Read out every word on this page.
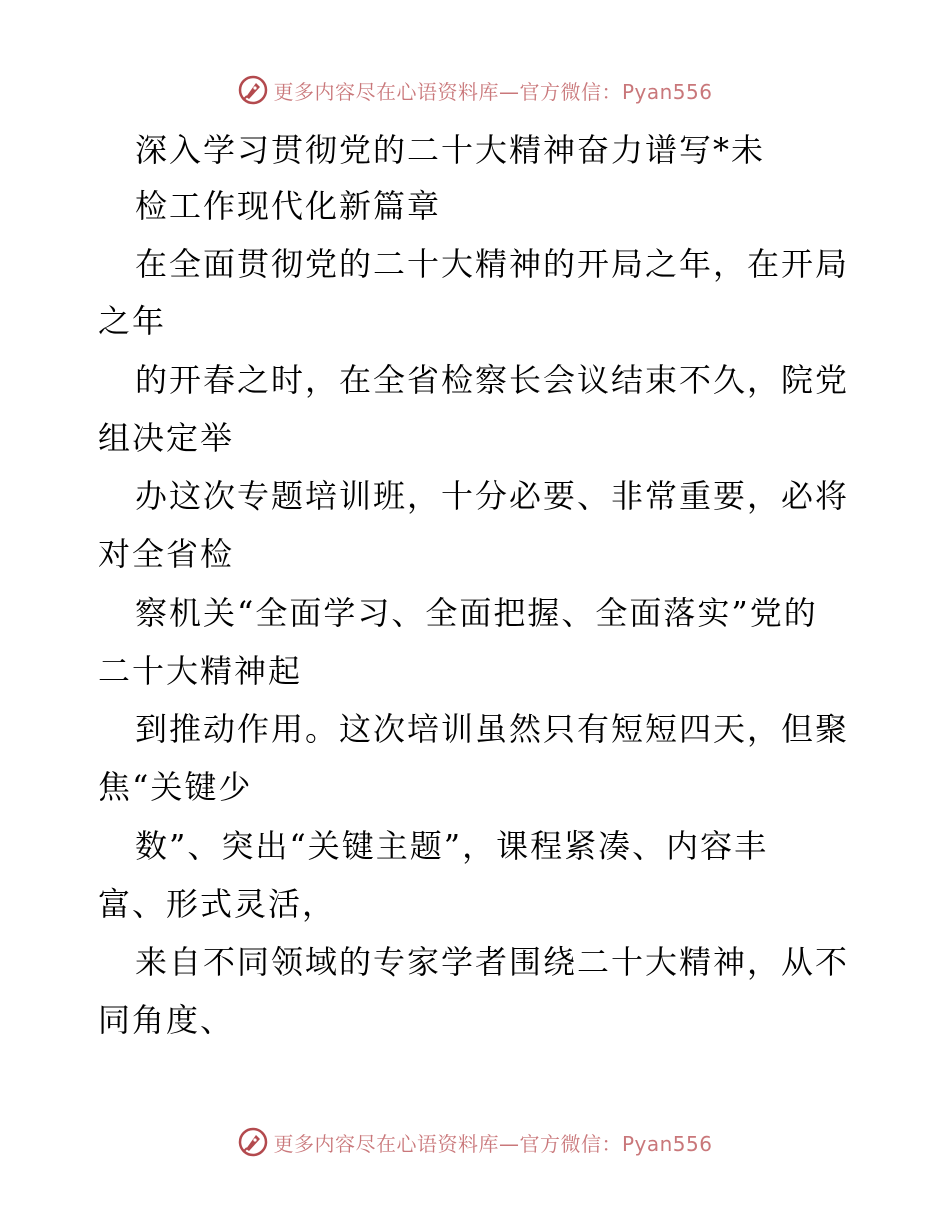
更多内容尽在心语资料库—官方微信：Pyan556
深入学习贯彻党的二十大精神奋力谱写*未
检工作现代化新篇章
在全面贯彻党的二十大精神的开局之年，在开局
之年
的开春之时，在全省检察长会议结束不久，院党
组决定举
办这次专题培训班，十分必要、非常重要，必将
对全省检
察机关“全面学习、全面把握、全面落实”党的
二十大精神起
到推动作用。这次培训虽然只有短短四天，但聚
焦“关键少
数”、突出“关键主题”，课程紧凑、内容丰
富、形式灵活，
来自不同领域的专家学者围绕二十大精神，从不
同角度、
更多内容尽在心语资料库—官方微信：Pyan556
